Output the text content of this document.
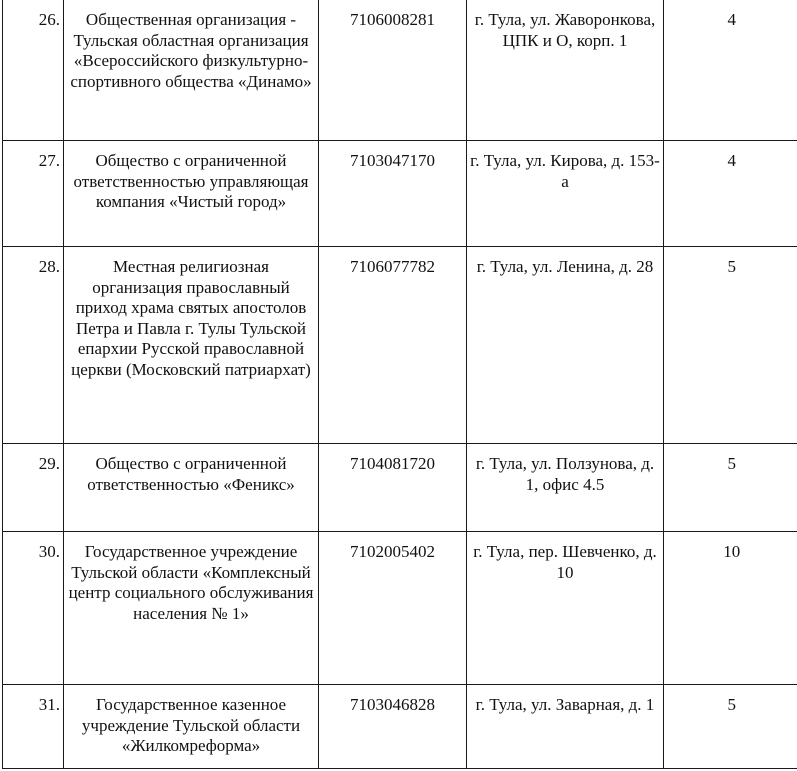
26.	Общественная организация - Тульская областная организация «Всероссийского физкультурно-спортивного общества «Динамо»	7106008281	г. Тула, ул. Жаворонкова, ЦПК и О, корп. 1	4
27.	Общество с ограниченной ответственностью управляющая компания «Чистый город»	7103047170	г. Тула, ул. Кирова, д. 153-а	4
28.	Местная религиозная организация православный приход храма святых апостолов Петра и Павла г. Тулы Тульской епархии Русской православной церкви (Московский патриархат)	7106077782	г. Тула, ул. Ленина, д. 28	5
29.	Общество с ограниченной ответственностью «Феникс»	7104081720	г. Тула, ул. Ползунова, д. 1, офис 4.5	5
30.	Государственное учреждение Тульской области «Комплексный центр социального обслуживания населения № 1»	7102005402	г. Тула, пер. Шевченко, д. 10	10
31.	Государственное казенное учреждение Тульской области «Жилкомреформа»	7103046828	г. Тула, ул. Заварная, д. 1	5
